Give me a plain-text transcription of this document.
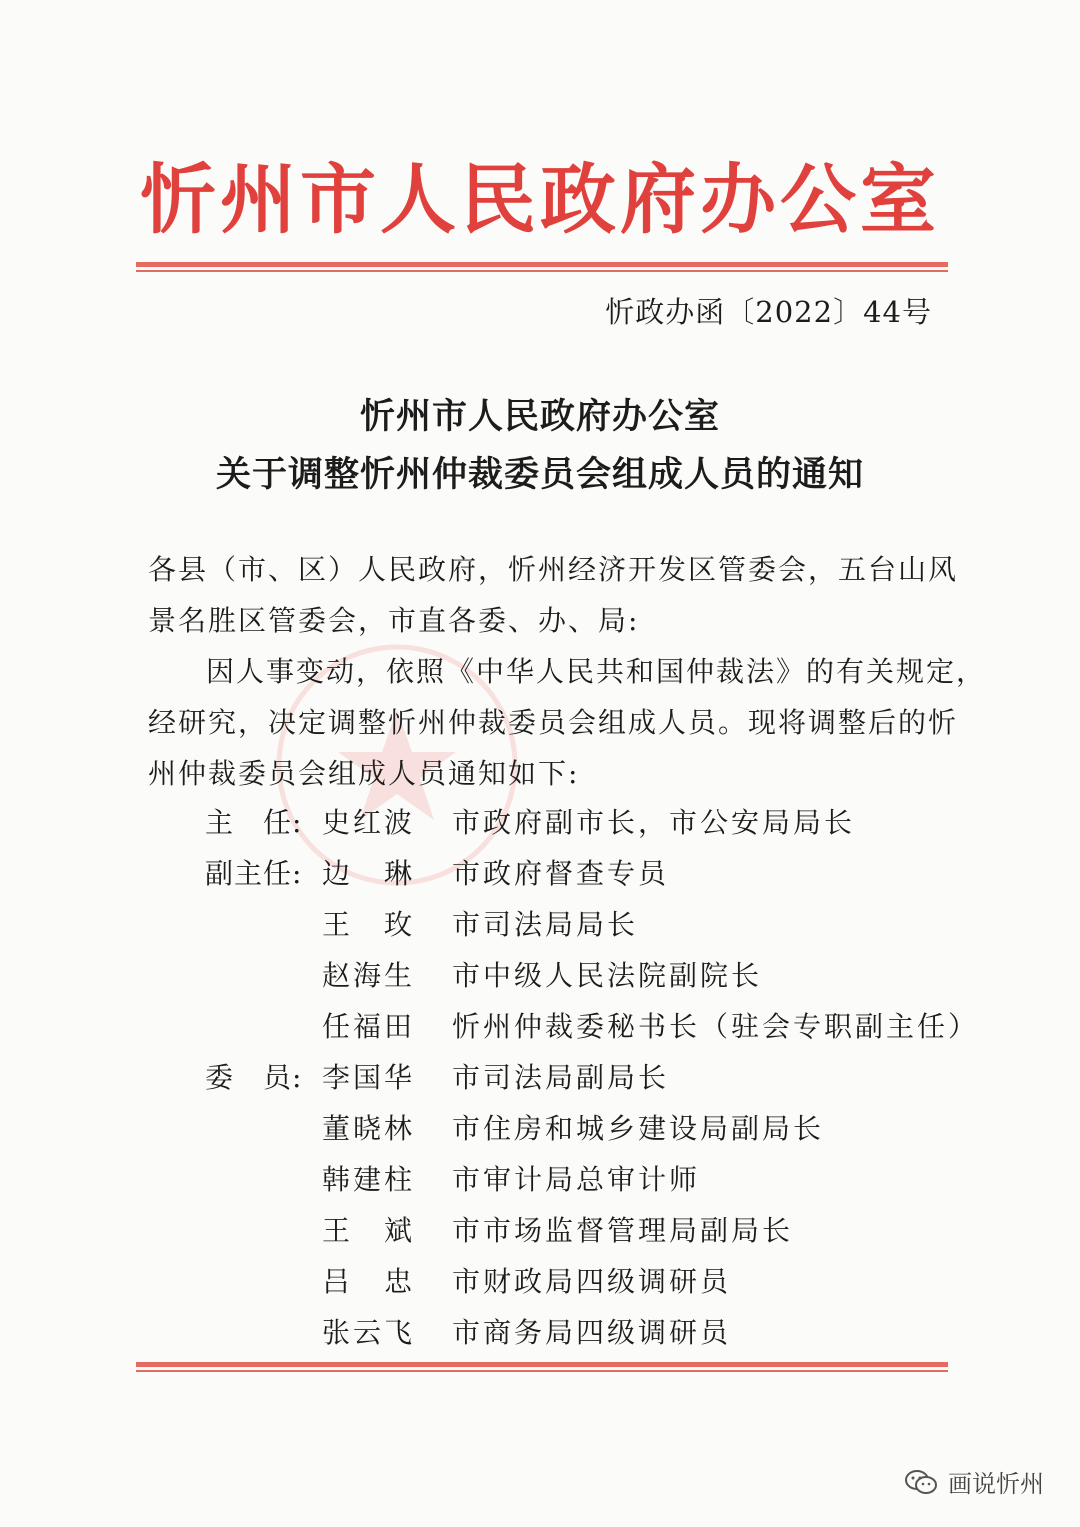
忻州市人民政府办公室
忻政办函〔2022〕44号
忻州市人民政府办公室
关于调整忻州仲裁委员会组成人员的通知
各县（市、区）人民政府，忻州经济开发区管委会，五台山风
景名胜区管委会，市直各委、办、局:
因人事变动，依照《中华人民共和国仲裁法》的有关规定，
经研究，决定调整忻州仲裁委员会组成人员。现将调整后的忻
州仲裁委员会组成人员通知如下:
主　任: 史红波 市政府副市长，市公安局局长
副主任: 边　琳 市政府督查专员
王　玫 市司法局局长
赵海生 市中级人民法院副院长
任福田 忻州仲裁委秘书长（驻会专职副主任）
委　员: 李国华 市司法局副局长
董晓林 市住房和城乡建设局副局长
韩建柱 市审计局总审计师
王　斌 市市场监督管理局副局长
吕　忠 市财政局四级调研员
张云飞 市商务局四级调研员
画说忻州
